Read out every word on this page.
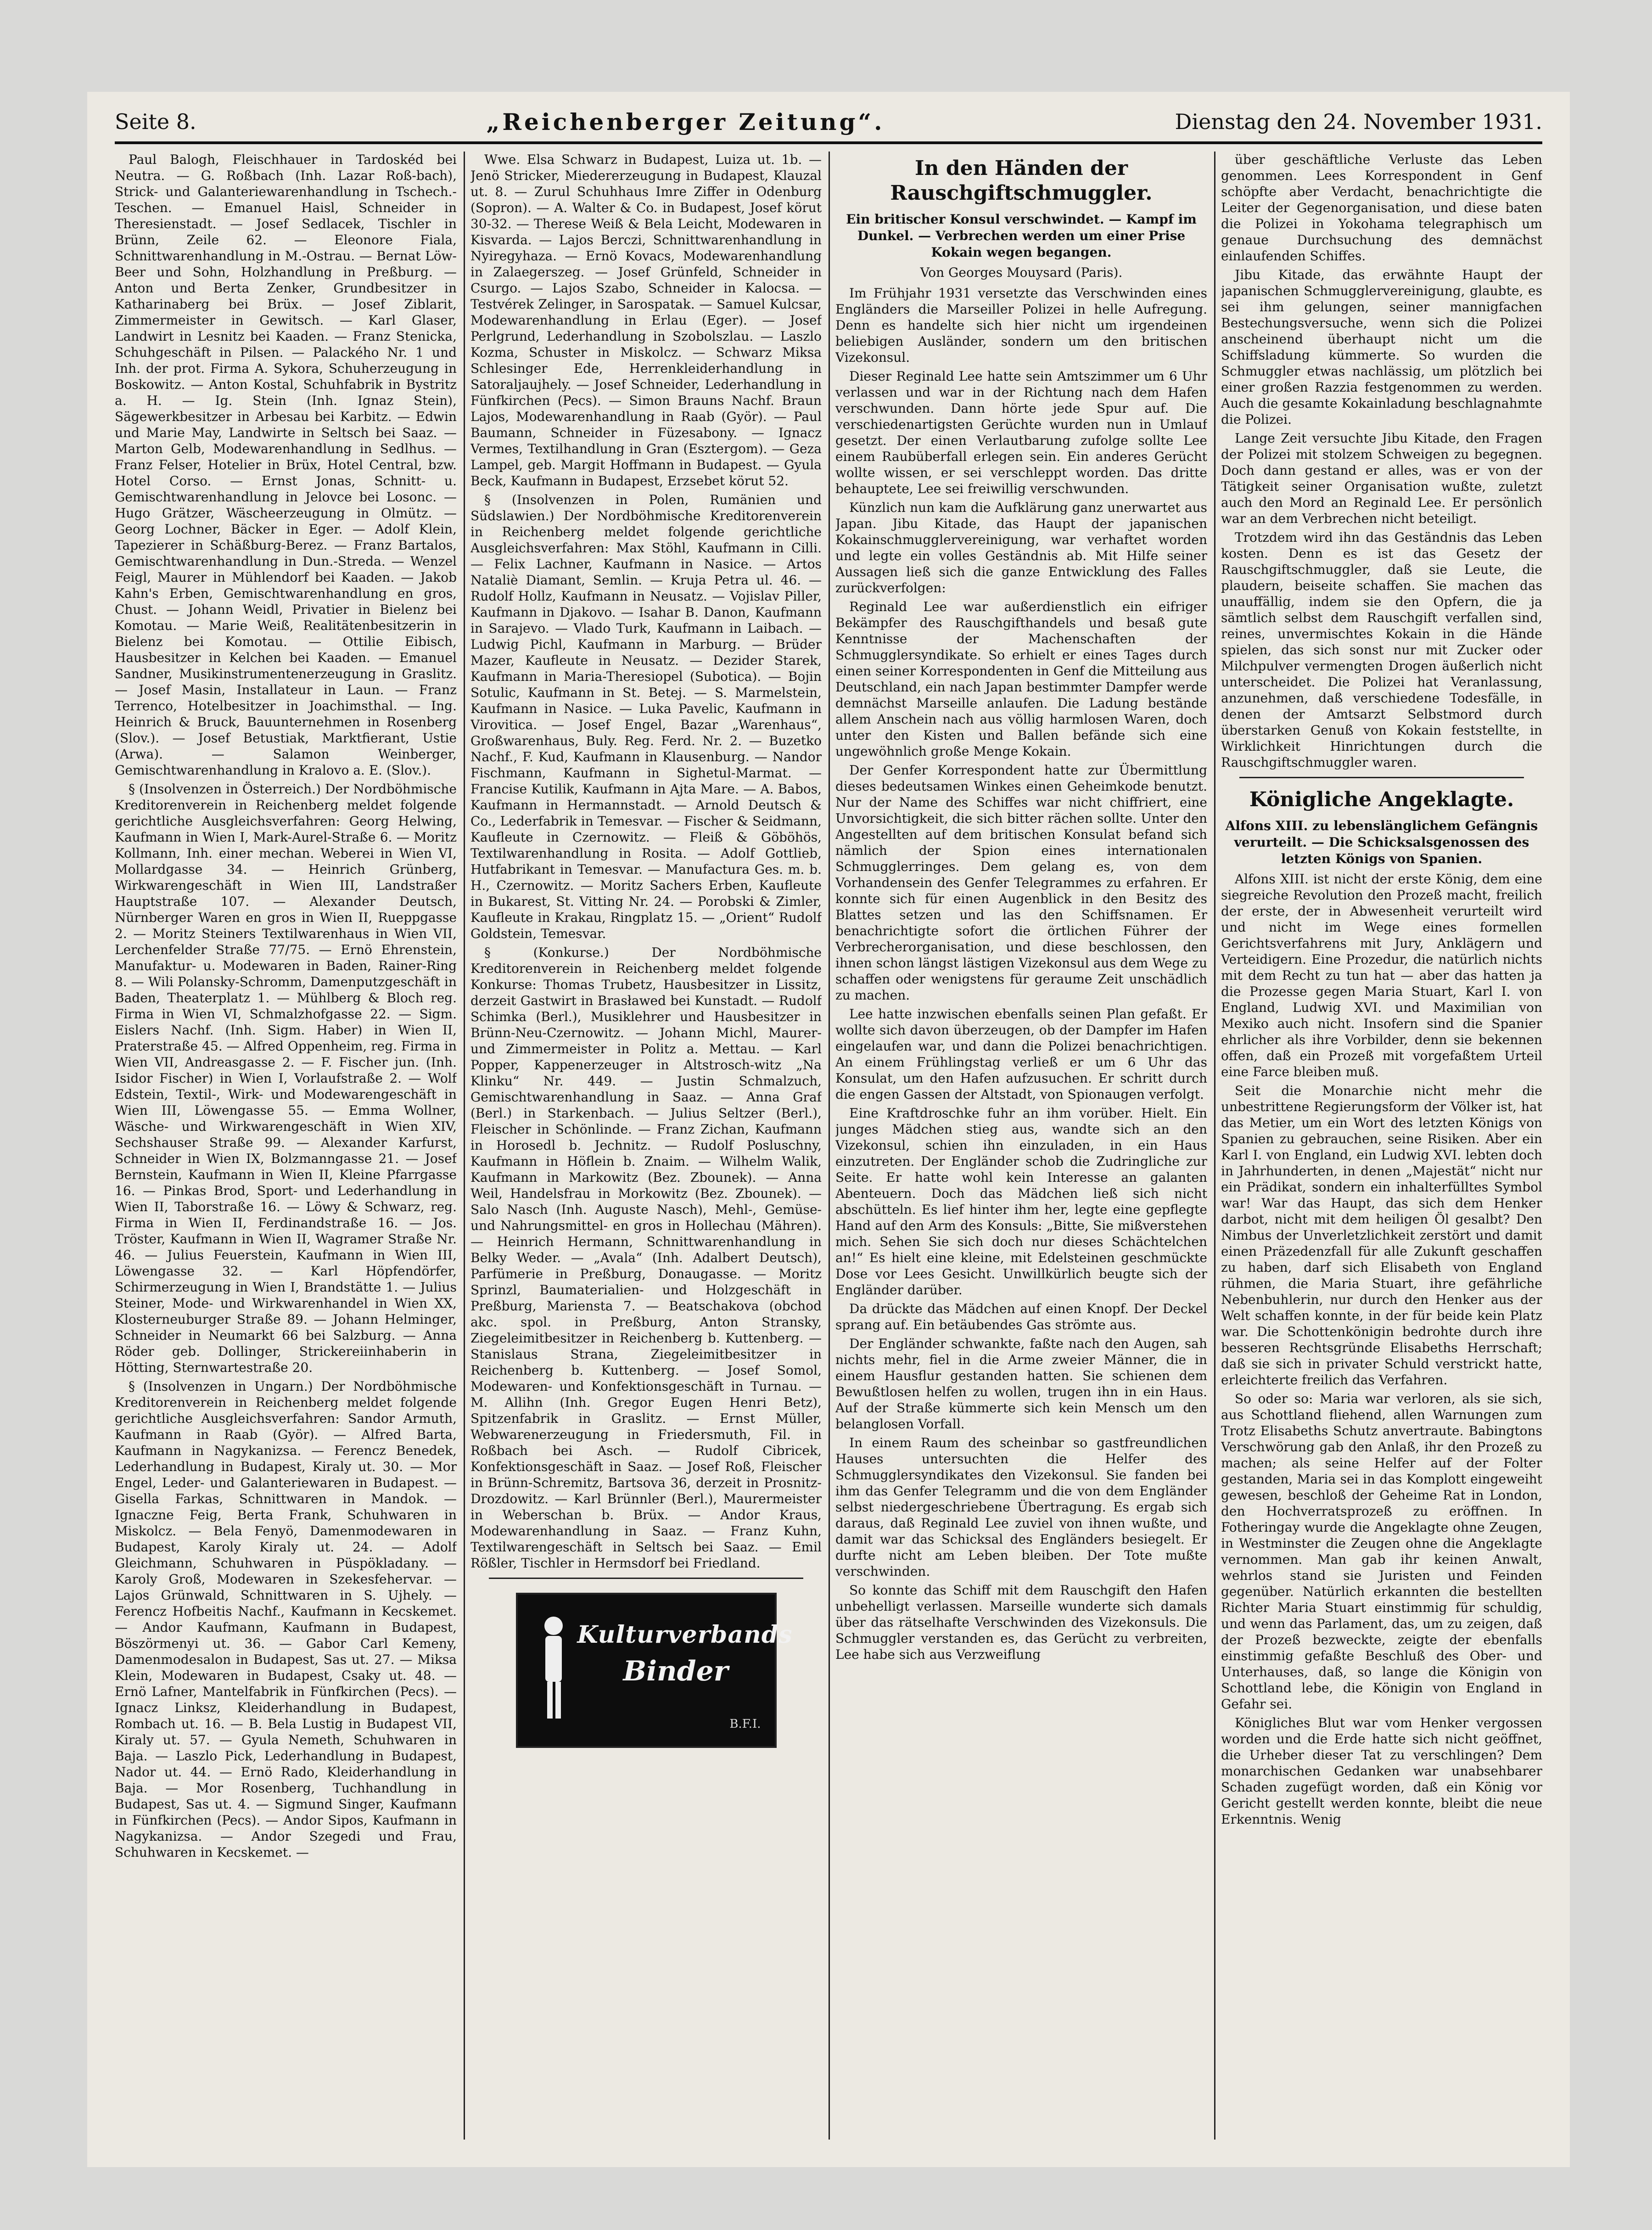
Seite 8.	„Reichenberger Zeitung“.	Dienstag den 24. November 1931.

Paul Balogh, Fleischhauer in Tardoskéd bei Neutra. — G. Roßbach (Inh. Lazar Roß-bach), Strick- und Galanteriewarenhandlung in Tschech.-Teschen. — Emanuel Haisl, Schneider in Theresienstadt. — Josef Sedlacek, Tischler in Brünn, Zeile 62. — Eleonore Fiala, Schnittwarenhandlung in M.-Ostrau. — Bernat Löw-Beer und Sohn, Holzhandlung in Preßburg. — Anton und Berta Zenker, Grundbesitzer in Katharinaberg bei Brüx. — Josef Ziblarit, Zimmermeister in Gewitsch. — Karl Glaser, Landwirt in Lesnitz bei Kaaden. — Franz Stenicka, Schuhgeschäft in Pilsen. — Palackého Nr. 1 und Inh. der prot. Firma A. Sykora, Schuherzeugung in Boskowitz. — Anton Kostal, Schuhfabrik in Bystritz a. H. — Ig. Stein (Inh. Ignaz Stein), Sägewerkbesitzer in Arbesau bei Karbitz. — Edwin und Marie May, Landwirte in Seltsch bei Saaz. — Marton Gelb, Modewarenhandlung in Sedlhus. — Franz Felser, Hotelier in Brüx, Hotel Central, bzw. Hotel Corso. — Ernst Jonas, Schnitt- u. Gemischtwarenhandlung in Jelovce bei Losonc. — Hugo Grätzer, Wäscheerzeugung in Olmütz. — Georg Lochner, Bäcker in Eger. — Adolf Klein, Tapezierer in Schäßburg-Berez. — Franz Bartalos, Gemischtwarenhandlung in Dun.-Streda. — Wenzel Feigl, Maurer in Mühlendorf bei Kaaden. — Jakob Kahn's Erben, Gemischtwarenhandlung en gros, Chust. — Johann Weidl, Privatier in Bielenz bei Komotau. — Marie Weiß, Realitätenbesitzerin in Bielenz bei Komotau. — Ottilie Eibisch, Hausbesitzer in Kelchen bei Kaaden. — Emanuel Sandner, Musikinstrumentenerzeugung in Graslitz. — Josef Masin, Installateur in Laun. — Franz Terrenco, Hotelbesitzer in Joachimsthal. — Ing. Heinrich & Bruck, Bauunternehmen in Rosenberg (Slov.). — Josef Betustiak, Marktfierant, Ustie (Arwa). — Salamon Weinberger, Gemischtwarenhandlung in Kralovo a. E. (Slov.).

§ (Insolvenzen in Österreich.) Der Nordböhmische Kreditorenverein in Reichenberg meldet folgende gerichtliche Ausgleichsverfahren: Georg Helwing, Kaufmann in Wien I, Mark-Aurel-Straße 6. — Moritz Kollmann, Inh. einer mechan. Weberei in Wien VI, Mollardgasse 34. — Heinrich Grünberg, Wirkwarengeschäft in Wien III, Landstraßer Hauptstraße 107. — Alexander Deutsch, Nürnberger Waren en gros in Wien II, Rueppgasse 2. — Moritz Steiners Textilwarenhaus in Wien VII, Lerchenfelder Straße 77/75. — Ernö Ehrenstein, Manufaktur- u. Modewaren in Baden, Rainer-Ring 8. — Wili Polansky-Schromm, Damenputzgeschäft in Baden, Theaterplatz 1. — Mühlberg & Bloch reg. Firma in Wien VI, Schmalzhofgasse 22. — Sigm. Eislers Nachf. (Inh. Sigm. Haber) in Wien II, Praterstraße 45. — Alfred Oppenheim, reg. Firma in Wien VII, Andreasgasse 2. — F. Fischer jun. (Inh. Isidor Fischer) in Wien I, Vorlaufstraße 2. — Wolf Edstein, Textil-, Wirk- und Modewarengeschäft in Wien III, Löwengasse 55. — Emma Wollner, Wäsche- und Wirkwarengeschäft in Wien XIV, Sechshauser Straße 99. — Alexander Karfurst, Schneider in Wien IX, Bolzmanngasse 21. — Josef Bernstein, Kaufmann in Wien II, Kleine Pfarrgasse 16. — Pinkas Brod, Sport- und Lederhandlung in Wien II, Taborstraße 16. — Löwy & Schwarz, reg. Firma in Wien II, Ferdinandstraße 16. — Jos. Tröster, Kaufmann in Wien II, Wagramer Straße Nr. 46. — Julius Feuerstein, Kaufmann in Wien III, Löwengasse 32. — Karl Höpfendörfer, Schirmerzeugung in Wien I, Brandstätte 1. — Julius Steiner, Mode- und Wirkwarenhandel in Wien XX, Klosterneuburger Straße 89. — Johann Helminger, Schneider in Neumarkt 66 bei Salzburg. — Anna Röder geb. Dollinger, Strickereiinhaberin in Hötting, Sternwartestraße 20.

§ (Insolvenzen in Ungarn.) Der Nordböhmische Kreditorenverein in Reichenberg meldet folgende gerichtliche Ausgleichsverfahren: Sandor Armuth, Kaufmann in Raab (Györ). — Alfred Barta, Kaufmann in Nagykanizsa. — Ferencz Benedek, Lederhandlung in Budapest, Kiraly ut. 30. — Mor Engel, Leder- und Galanteriewaren in Budapest. — Gisella Farkas, Schnittwaren in Mandok. — Ignaczne Feig, Berta Frank, Schuhwaren in Miskolcz. — Bela Fenyö, Damenmodewaren in Budapest, Karoly Kiraly ut. 24. — Adolf Gleichmann, Schuhwaren in Püspökladany. — Karoly Groß, Modewaren in Szekesfehervar. — Lajos Grünwald, Schnittwaren in S. Ujhely. — Ferencz Hofbeitis Nachf., Kaufmann in Kecskemet. — Andor Kaufmann, Kaufmann in Budapest, Böszörmenyi ut. 36. — Gabor Carl Kemeny, Damenmodesalon in Budapest, Sas ut. 27. — Miksa Klein, Modewaren in Budapest, Csaky ut. 48. — Ernö Lafner, Mantelfabrik in Fünfkirchen (Pecs). — Ignacz Linksz, Kleiderhandlung in Budapest, Rombach ut. 16. — B. Bela Lustig in Budapest VII, Kiraly ut. 57. — Gyula Nemeth, Schuhwaren in Baja. — Laszlo Pick, Lederhandlung in Budapest, Nador ut. 44. — Ernö Rado, Kleiderhandlung in Baja. — Mor Rosenberg, Tuchhandlung in Budapest, Sas ut. 4. — Sigmund Singer, Kaufmann in Fünfkirchen (Pecs). — Andor Sipos, Kaufmann in Nagykanizsa. — Andor Szegedi und Frau, Schuhwaren in Kecskemet. —

Wwe. Elsa Schwarz in Budapest, Luiza ut. 1b. — Jenö Stricker, Miedererzeugung in Budapest, Klauzal ut. 8. — Zurul Schuhhaus Imre Ziffer in Odenburg (Sopron). — A. Walter & Co. in Budapest, Josef körut 30-32. — Therese Weiß & Bela Leicht, Modewaren in Kisvarda. — Lajos Berczi, Schnittwarenhandlung in Nyiregyhaza. — Ernö Kovacs, Modewarenhandlung in Zalaegerszeg. — Josef Grünfeld, Schneider in Csurgo. — Lajos Szabo, Schneider in Kalocsa. — Testvérek Zelinger, in Sarospatak. — Samuel Kulcsar, Modewarenhandlung in Erlau (Eger). — Josef Perlgrund, Lederhandlung in Szobolszlau. — Laszlo Kozma, Schuster in Miskolcz. — Schwarz Miksa Schlesinger Ede, Herrenkleiderhandlung in Satoraljaujhely. — Josef Schneider, Lederhandlung in Fünfkirchen (Pecs). — Simon Brauns Nachf. Braun Lajos, Modewarenhandlung in Raab (Györ). — Paul Baumann, Schneider in Füzesabony. — Ignacz Vermes, Textilhandlung in Gran (Esztergom). — Geza Lampel, geb. Margit Hoffmann in Budapest. — Gyula Beck, Kaufmann in Budapest, Erzsebet körut 52.

§ (Insolvenzen in Polen, Rumänien und Südslawien.) Der Nordböhmische Kreditorenverein in Reichenberg meldet folgende gerichtliche Ausgleichsverfahren: Max Stöhl, Kaufmann in Cilli. — Felix Lachner, Kaufmann in Nasice. — Artos Nataliè Diamant, Semlin. — Kruja Petra ul. 46. — Rudolf Hollz, Kaufmann in Neusatz. — Vojislav Piller, Kaufmann in Djakovo. — Isahar B. Danon, Kaufmann in Sarajevo. — Vlado Turk, Kaufmann in Laibach. — Ludwig Pichl, Kaufmann in Marburg. — Brüder Mazer, Kaufleute in Neusatz. — Dezider Starek, Kaufmann in Maria-Theresiopel (Subotica). — Bojin Sotulic, Kaufmann in St. Betej. — S. Marmelstein, Kaufmann in Nasice. — Luka Pavelic, Kaufmann in Virovitica. — Josef Engel, Bazar „Warenhaus“, Großwarenhaus, Buly. Reg. Ferd. Nr. 2. — Buzetko Nachf., F. Kud, Kaufmann in Klausenburg. — Nandor Fischmann, Kaufmann in Sighetul-Marmat. — Francise Kutilik, Kaufmann in Ajta Mare. — A. Babos, Kaufmann in Hermannstadt. — Arnold Deutsch & Co., Lederfabrik in Temesvar. — Fischer & Seidmann, Kaufleute in Czernowitz. — Fleiß & Göböhös, Textilwarenhandlung in Rosita. — Adolf Gottlieb, Hutfabrikant in Temesvar. — Manufactura Ges. m. b. H., Czernowitz. — Moritz Sachers Erben, Kaufleute in Bukarest, St. Vitting Nr. 24. — Porobski & Zimler, Kaufleute in Krakau, Ringplatz 15. — „Orient“ Rudolf Goldstein, Temesvar.

§ (Konkurse.) Der Nordböhmische Kreditorenverein in Reichenberg meldet folgende Konkurse: Thomas Trubetz, Hausbesitzer in Lissitz, derzeit Gastwirt in Brasławed bei Kunstadt. — Rudolf Schimka (Berl.), Musiklehrer und Hausbesitzer in Brünn-Neu-Czernowitz. — Johann Michl, Maurer- und Zimmermeister in Politz a. Mettau. — Karl Popper, Kappenerzeuger in Altstrosch-witz „Na Klinku“ Nr. 449. — Justin Schmalzuch, Gemischtwarenhandlung in Saaz. — Anna Graf (Berl.) in Starkenbach. — Julius Seltzer (Berl.), Fleischer in Schönlinde. — Franz Zichan, Kaufmann in Horosedl b. Jechnitz. — Rudolf Posluschny, Kaufmann in Höflein b. Znaim. — Wilhelm Walik, Kaufmann in Markowitz (Bez. Zbounek). — Anna Weil, Handelsfrau in Morkowitz (Bez. Zbounek). — Salo Nasch (Inh. Auguste Nasch), Mehl-, Gemüse- und Nahrungsmittel- en gros in Hollechau (Mähren). — Heinrich Hermann, Schnittwarenhandlung in Belky Weder. — „Avala“ (Inh. Adalbert Deutsch), Parfümerie in Preßburg, Donaugasse. — Moritz Sprinzl, Baumaterialien- und Holzgeschäft in Preßburg, Mariensta 7. — Beatschakova (obchod akc. spol. in Preßburg, Anton Stransky, Ziegeleimitbesitzer in Reichenberg b. Kuttenberg. — Stanislaus Strana, Ziegeleimitbesitzer in Reichenberg b. Kuttenberg. — Josef Somol, Modewaren- und Konfektionsgeschäft in Turnau. — M. Allihn (Inh. Gregor Eugen Henri Betz), Spitzenfabrik in Graslitz. — Ernst Müller, Webwarenerzeugung in Friedersmuth, Fil. in Roßbach bei Asch. — Rudolf Cibricek, Konfektionsgeschäft in Saaz. — Josef Roß, Fleischer in Brünn-Schremitz, Bartsova 36, derzeit in Prosnitz-Drozdowitz. — Karl Brünnler (Berl.), Maurermeister in Weberschan b. Brüx. — Andor Kraus, Modewarenhandlung in Saaz. — Franz Kuhn, Textilwarengeschäft in Seltsch bei Saaz. — Emil Rößler, Tischler in Hermsdorf bei Friedland.

Kulturverbands
Binder
B.F.I.
In den Händen der Rauschgiftschmuggler.
Ein britischer Konsul verschwindet. — Kampf im Dunkel. — Verbrechen werden um einer Prise Kokain wegen begangen.
Von Georges Mouysard (Paris).

Im Frühjahr 1931 versetzte das Verschwinden eines Engländers die Marseiller Polizei in helle Aufregung. Denn es handelte sich hier nicht um irgendeinen beliebigen Ausländer, sondern um den britischen Vizekonsul.

Dieser Reginald Lee hatte sein Amtszimmer um 6 Uhr verlassen und war in der Richtung nach dem Hafen verschwunden. Dann hörte jede Spur auf. Die verschiedenartigsten Gerüchte wurden nun in Umlauf gesetzt. Der einen Verlautbarung zufolge sollte Lee einem Raubüberfall erlegen sein. Ein anderes Gerücht wollte wissen, er sei verschleppt worden. Das dritte behauptete, Lee sei freiwillig verschwunden.

Künzlich nun kam die Aufklärung ganz unerwartet aus Japan. Jibu Kitade, das Haupt der japanischen Kokainschmugglervereinigung, war verhaftet worden und legte ein volles Geständnis ab. Mit Hilfe seiner Aussagen ließ sich die ganze Entwicklung des Falles zurückverfolgen:

Reginald Lee war außerdienstlich ein eifriger Bekämpfer des Rauschgifthandels und besaß gute Kenntnisse der Machenschaften der Schmugglersyndikate. So erhielt er eines Tages durch einen seiner Korrespondenten in Genf die Mitteilung aus Deutschland, ein nach Japan bestimmter Dampfer werde demnächst Marseille anlaufen. Die Ladung bestände allem Anschein nach aus völlig harmlosen Waren, doch unter den Kisten und Ballen befände sich eine ungewöhnlich große Menge Kokain.

Der Genfer Korrespondent hatte zur Übermittlung dieses bedeutsamen Winkes einen Geheimkode benutzt. Nur der Name des Schiffes war nicht chiffriert, eine Unvorsichtigkeit, die sich bitter rächen sollte. Unter den Angestellten auf dem britischen Konsulat befand sich nämlich der Spion eines internationalen Schmugglerringes. Dem gelang es, von dem Vorhandensein des Genfer Telegrammes zu erfahren. Er konnte sich für einen Augenblick in den Besitz des Blattes setzen und las den Schiffsnamen. Er benachrichtigte sofort die örtlichen Führer der Verbrecherorganisation, und diese beschlossen, den ihnen schon längst lästigen Vizekonsul aus dem Wege zu schaffen oder wenigstens für geraume Zeit unschädlich zu machen.

Lee hatte inzwischen ebenfalls seinen Plan gefaßt. Er wollte sich davon überzeugen, ob der Dampfer im Hafen eingelaufen war, und dann die Polizei benachrichtigen. An einem Frühlingstag verließ er um 6 Uhr das Konsulat, um den Hafen aufzusuchen. Er schritt durch die engen Gassen der Altstadt, von Spionaugen verfolgt.

Eine Kraftdroschke fuhr an ihm vorüber. Hielt. Ein junges Mädchen stieg aus, wandte sich an den Vizekonsul, schien ihn einzuladen, in ein Haus einzutreten. Der Engländer schob die Zudringliche zur Seite. Er hatte wohl kein Interesse an galanten Abenteuern. Doch das Mädchen ließ sich nicht abschütteln. Es lief hinter ihm her, legte eine gepflegte Hand auf den Arm des Konsuls: „Bitte, Sie mißverstehen mich. Sehen Sie sich doch nur dieses Schächtelchen an!“ Es hielt eine kleine, mit Edelsteinen geschmückte Dose vor Lees Gesicht. Unwillkürlich beugte sich der Engländer darüber.

Da drückte das Mädchen auf einen Knopf. Der Deckel sprang auf. Ein betäubendes Gas strömte aus.

Der Engländer schwankte, faßte nach den Augen, sah nichts mehr, fiel in die Arme zweier Männer, die in einem Hausflur gestanden hatten. Sie schienen dem Bewußtlosen helfen zu wollen, trugen ihn in ein Haus. Auf der Straße kümmerte sich kein Mensch um den belanglosen Vorfall.

In einem Raum des scheinbar so gastfreundlichen Hauses untersuchten die Helfer des Schmugglersyndikates den Vizekonsul. Sie fanden bei ihm das Genfer Telegramm und die von dem Engländer selbst niedergeschriebene Übertragung. Es ergab sich daraus, daß Reginald Lee zuviel von ihnen wußte, und damit war das Schicksal des Engländers besiegelt. Er durfte nicht am Leben bleiben. Der Tote mußte verschwinden.

So konnte das Schiff mit dem Rauschgift den Hafen unbehelligt verlassen. Marseille wunderte sich damals über das rätselhafte Verschwinden des Vizekonsuls. Die Schmuggler verstanden es, das Gerücht zu verbreiten, Lee habe sich aus Verzweiflung

über geschäftliche Verluste das Leben genommen. Lees Korrespondent in Genf schöpfte aber Verdacht, benachrichtigte die Leiter der Gegenorganisation, und diese baten die Polizei in Yokohama telegraphisch um genaue Durchsuchung des demnächst einlaufenden Schiffes.

Jibu Kitade, das erwähnte Haupt der japanischen Schmugglervereinigung, glaubte, es sei ihm gelungen, seiner mannigfachen Bestechungsversuche, wenn sich die Polizei anscheinend überhaupt nicht um die Schiffsladung kümmerte. So wurden die Schmuggler etwas nachlässig, um plötzlich bei einer großen Razzia festgenommen zu werden. Auch die gesamte Kokainladung beschlagnahmte die Polizei.

Lange Zeit versuchte Jibu Kitade, den Fragen der Polizei mit stolzem Schweigen zu begegnen. Doch dann gestand er alles, was er von der Tätigkeit seiner Organisation wußte, zuletzt auch den Mord an Reginald Lee. Er persönlich war an dem Verbrechen nicht beteiligt.

Trotzdem wird ihn das Geständnis das Leben kosten. Denn es ist das Gesetz der Rauschgiftschmuggler, daß sie Leute, die plaudern, beiseite schaffen. Sie machen das unauffällig, indem sie den Opfern, die ja sämtlich selbst dem Rauschgift verfallen sind, reines, unvermischtes Kokain in die Hände spielen, das sich sonst nur mit Zucker oder Milchpulver vermengten Drogen äußerlich nicht unterscheidet. Die Polizei hat Veranlassung, anzunehmen, daß verschiedene Todesfälle, in denen der Amtsarzt Selbstmord durch überstarken Genuß von Kokain feststellte, in Wirklichkeit Hinrichtungen durch die Rauschgiftschmuggler waren.

Königliche Angeklagte.
Alfons XIII. zu lebenslänglichem Gefängnis verurteilt. — Die Schicksalsgenossen des letzten Königs von Spanien.

Alfons XIII. ist nicht der erste König, dem eine siegreiche Revolution den Prozeß macht, freilich der erste, der in Abwesenheit verurteilt wird und nicht im Wege eines formellen Gerichtsverfahrens mit Jury, Anklägern und Verteidigern. Eine Prozedur, die natürlich nichts mit dem Recht zu tun hat — aber das hatten ja die Prozesse gegen Maria Stuart, Karl I. von England, Ludwig XVI. und Maximilian von Mexiko auch nicht. Insofern sind die Spanier ehrlicher als ihre Vorbilder, denn sie bekennen offen, daß ein Prozeß mit vorgefaßtem Urteil eine Farce bleiben muß.

Seit die Monarchie nicht mehr die unbestrittene Regierungsform der Völker ist, hat das Metier, um ein Wort des letzten Königs von Spanien zu gebrauchen, seine Risiken. Aber ein Karl I. von England, ein Ludwig XVI. lebten doch in Jahrhunderten, in denen „Majestät“ nicht nur ein Prädikat, sondern ein inhalterfülltes Symbol war! War das Haupt, das sich dem Henker darbot, nicht mit dem heiligen Öl gesalbt? Den Nimbus der Unverletzlichkeit zerstört und damit einen Präzedenzfall für alle Zukunft geschaffen zu haben, darf sich Elisabeth von England rühmen, die Maria Stuart, ihre gefährliche Nebenbuhlerin, nur durch den Henker aus der Welt schaffen konnte, in der für beide kein Platz war. Die Schottenkönigin bedrohte durch ihre besseren Rechtsgründe Elisabeths Herrschaft; daß sie sich in privater Schuld verstrickt hatte, erleichterte freilich das Verfahren.

So oder so: Maria war verloren, als sie sich, aus Schottland fliehend, allen Warnungen zum Trotz Elisabeths Schutz anvertraute. Babingtons Verschwörung gab den Anlaß, ihr den Prozeß zu machen; als seine Helfer auf der Folter gestanden, Maria sei in das Komplott eingeweiht gewesen, beschloß der Geheime Rat in London, den Hochverratsprozeß zu eröffnen. In Fotheringay wurde die Angeklagte ohne Zeugen, in Westminster die Zeugen ohne die Angeklagte vernommen. Man gab ihr keinen Anwalt, wehrlos stand sie Juristen und Feinden gegenüber. Natürlich erkannten die bestellten Richter Maria Stuart einstimmig für schuldig, und wenn das Parlament, das, um zu zeigen, daß der Prozeß bezweckte, zeigte der ebenfalls einstimmig gefaßte Beschluß des Ober- und Unterhauses, daß, so lange die Königin von Schottland lebe, die Königin von England in Gefahr sei.

Königliches Blut war vom Henker vergossen worden und die Erde hatte sich nicht geöffnet, die Urheber dieser Tat zu verschlingen? Dem monarchischen Gedanken war unabsehbarer Schaden zugefügt worden, daß ein König vor Gericht gestellt werden konnte, bleibt die neue Erkenntnis. Wenig
